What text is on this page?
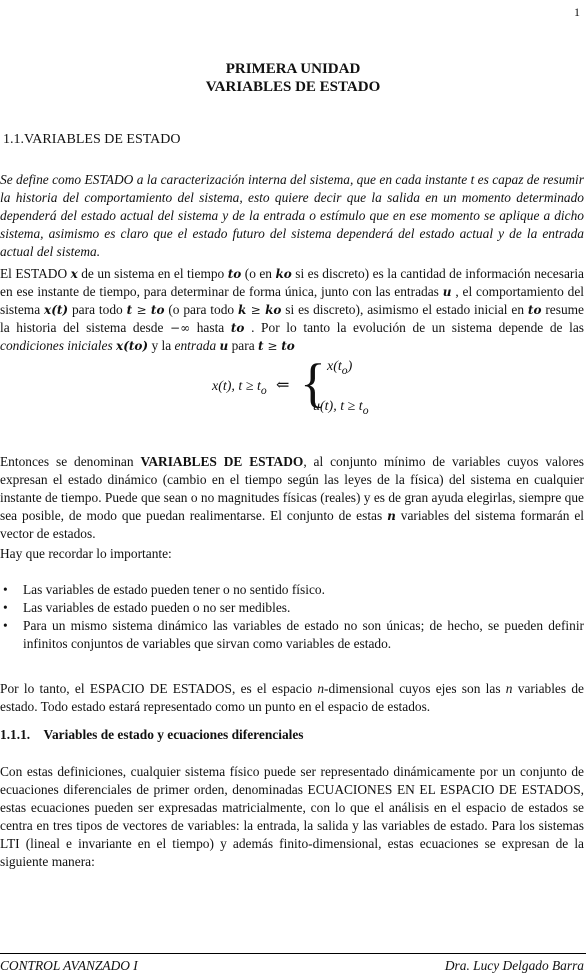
1
PRIMERA UNIDAD
VARIABLES DE ESTADO
1.1.VARIABLES DE ESTADO

Se define como ESTADO a la caracterización interna del sistema, que en cada instante t es capaz de resumir la historia del comportamiento del sistema, esto quiere decir que la salida en un momento determinado dependerá del estado actual del sistema y de la entrada o estímulo que en ese momento se aplique a dicho sistema, asimismo es claro que el estado futuro del sistema dependerá del estado actual y de la entrada actual del sistema.

El ESTADO x de un sistema en el tiempo to (o en ko si es discreto) es la cantidad de información necesaria en ese instante de tiempo, para determinar de forma única, junto con las entradas u , el comportamiento del sistema x(t) para todo t ≥ to (o para todo k ≥ ko si es discreto), asimismo el estado inicial en to resume la historia del sistema desde −∞ hasta to . Por lo tanto la evolución de un sistema depende de las condiciones iniciales x(to) y la entrada u para t ≥ to

x(t), $t \ge t_o$ ⇐ { $x(t_o)$
u(t), $t \ge t_o$

Entonces se denominan VARIABLES DE ESTADO, al conjunto mínimo de variables cuyos valores expresan el estado dinámico (cambio en el tiempo según las leyes de la física) del sistema en cualquier instante de tiempo. Puede que sean o no magnitudes físicas (reales) y es de gran ayuda elegirlas, siempre que sea posible, de modo que puedan realimentarse. El conjunto de estas n variables del sistema formarán el vector de estados.

Hay que recordar lo importante:

• Las variables de estado pueden tener o no sentido físico.
• Las variables de estado pueden o no ser medibles.
• Para un mismo sistema dinámico las variables de estado no son únicas; de hecho, se pueden definir infinitos conjuntos de variables que sirvan como variables de estado.

Por lo tanto, el ESPACIO DE ESTADOS, es el espacio n-dimensional cuyos ejes son las n variables de estado. Todo estado estará representado como un punto en el espacio de estados.

1.1.1. Variables de estado y ecuaciones diferenciales

Con estas definiciones, cualquier sistema físico puede ser representado dinámicamente por un conjunto de ecuaciones diferenciales de primer orden, denominadas ECUACIONES EN EL ESPACIO DE ESTADOS, estas ecuaciones pueden ser expresadas matricialmente, con lo que el análisis en el espacio de estados se centra en tres tipos de vectores de variables: la entrada, la salida y las variables de estado. Para los sistemas LTI (lineal e invariante en el tiempo) y además finito-dimensional, estas ecuaciones se expresan de la siguiente manera:

CONTROL AVANZADO I	Dra. Lucy Delgado Barra
